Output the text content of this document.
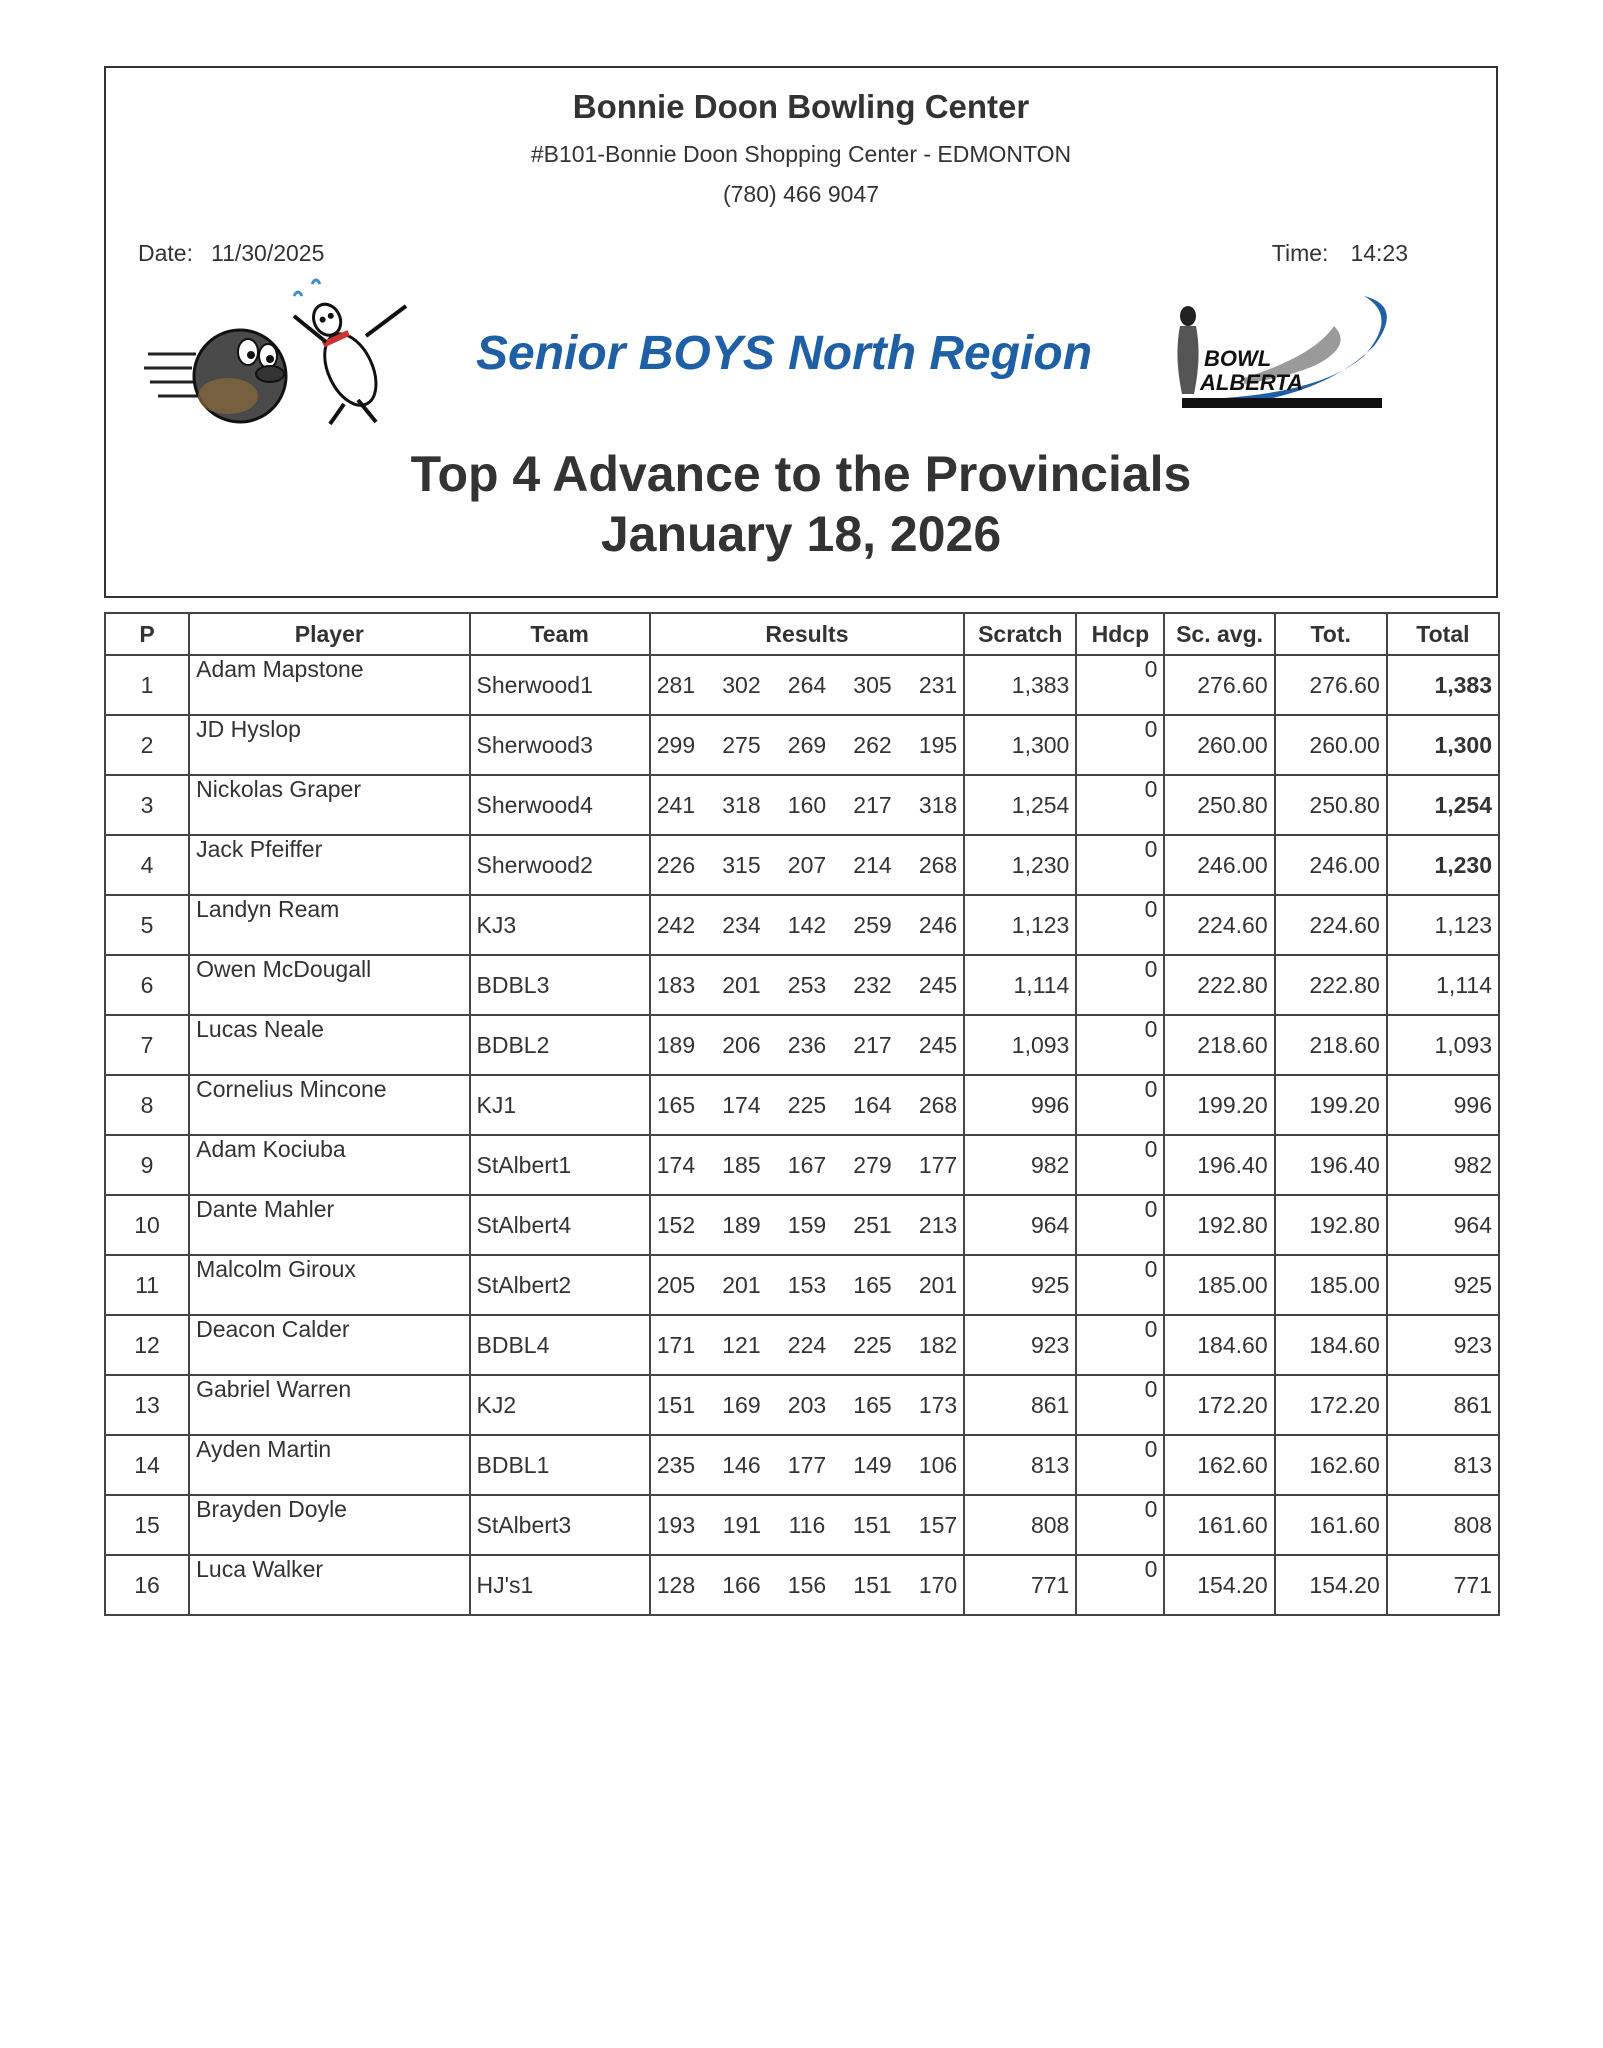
Bonnie Doon Bowling Center
#B101-Bonnie Doon Shopping Center - EDMONTON
(780) 466 9047
Date: 11/30/2025	Time: 14:23
Senior BOYS North Region	BOWL
ALBERTA
Top 4 Advance to the Provincials
January 18, 2026
P	Player	Team	Results	Scratch	Hdcp	Sc. avg.	Tot.	Total
1	Adam Mapstone	Sherwood1	281 302 264 305 231	1,383	0	276.60	276.60	1,383
2	JD Hyslop	Sherwood3	299 275 269 262 195	1,300	0	260.00	260.00	1,300
3	Nickolas Graper	Sherwood4	241 318 160 217 318	1,254	0	250.80	250.80	1,254
4	Jack Pfeiffer	Sherwood2	226 315 207 214 268	1,230	0	246.00	246.00	1,230
5	Landyn Ream	KJ3	242 234 142 259 246	1,123	0	224.60	224.60	1,123
6	Owen McDougall	BDBL3	183 201 253 232 245	1,114	0	222.80	222.80	1,114
7	Lucas Neale	BDBL2	189 206 236 217 245	1,093	0	218.60	218.60	1,093
8	Cornelius Mincone	KJ1	165 174 225 164 268	996	0	199.20	199.20	996
9	Adam Kociuba	StAlbert1	174 185 167 279 177	982	0	196.40	196.40	982
10	Dante Mahler	StAlbert4	152 189 159 251 213	964	0	192.80	192.80	964
11	Malcolm Giroux	StAlbert2	205 201 153 165 201	925	0	185.00	185.00	925
12	Deacon Calder	BDBL4	171 121 224 225 182	923	0	184.60	184.60	923
13	Gabriel Warren	KJ2	151 169 203 165 173	861	0	172.20	172.20	861
14	Ayden Martin	BDBL1	235 146 177 149 106	813	0	162.60	162.60	813
15	Brayden Doyle	StAlbert3	193 191 116 151 157	808	0	161.60	161.60	808
16	Luca Walker	HJ's1	128 166 156 151 170	771	0	154.20	154.20	771
